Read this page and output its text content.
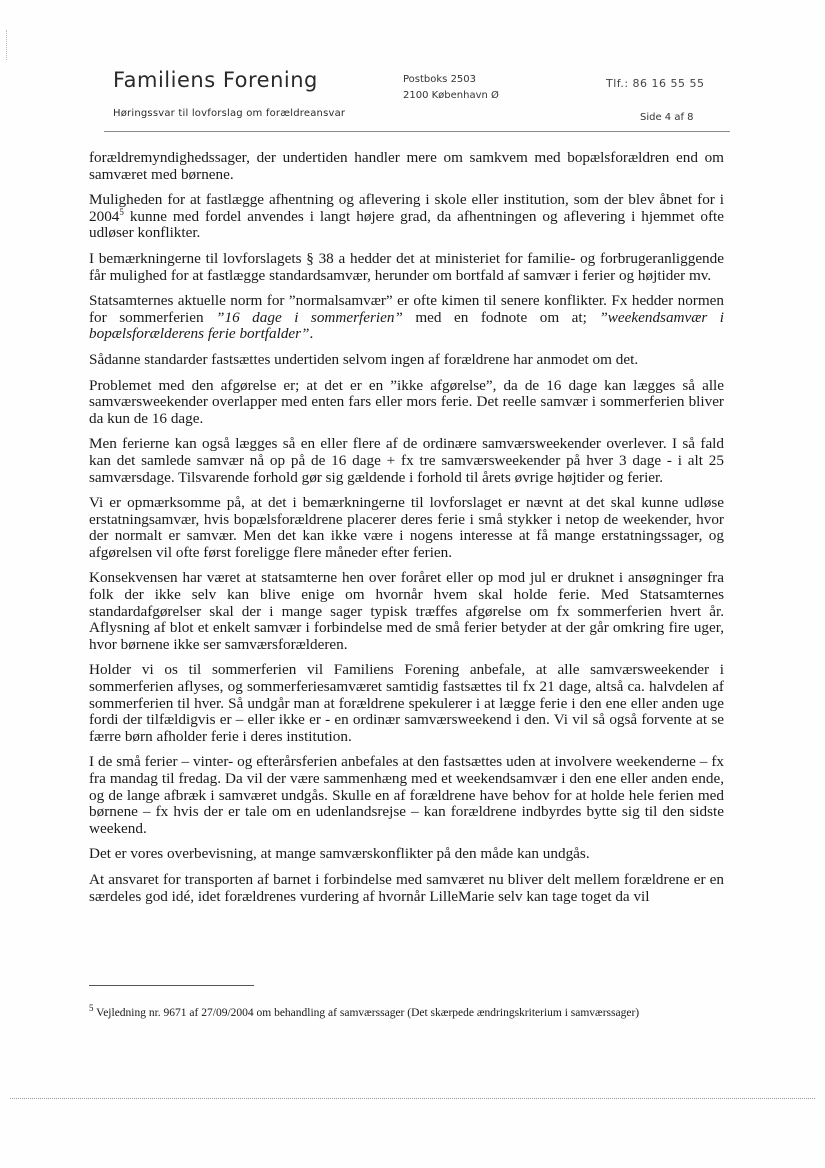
Familiens Forening
Høringssvar til lovforslag om forældreansvar
Postboks 2503
2100 København Ø
Tlf.: 86 16 55 55
Side 4 af 8

forældremyndighedssager, der undertiden handler mere om samkvem med bopælsforældren end om samværet med børnene.

Muligheden for at fastlægge afhentning og aflevering i skole eller institution, som der blev åbnet for i 2004$^5$ kunne med fordel anvendes i langt højere grad, da afhentningen og aflevering i hjemmet ofte udløser konflikter.

I bemærkningerne til lovforslagets § 38 a hedder det at ministeriet for familie- og forbrugeranliggende får mulighed for at fastlægge standardsamvær, herunder om bortfald af samvær i ferier og højtider mv.

Statsamternes aktuelle norm for ”normalsamvær” er ofte kimen til senere konflikter. Fx hedder normen for sommerferien ”16 dage i sommerferien” med en fodnote om at; ”weekendsamvær i bopælsforælderens ferie bortfalder”.

Sådanne standarder fastsættes undertiden selvom ingen af forældrene har anmodet om det.

Problemet med den afgørelse er; at det er en ”ikke afgørelse”, da de 16 dage kan lægges så alle samværsweekender overlapper med enten fars eller mors ferie. Det reelle samvær i sommerferien bliver da kun de 16 dage.

Men ferierne kan også lægges så en eller flere af de ordinære samværsweekender overlever. I så fald kan det samlede samvær nå op på de 16 dage + fx tre samværsweekender på hver 3 dage - i alt 25 samværsdage. Tilsvarende forhold gør sig gældende i forhold til årets øvrige højtider og ferier.

Vi er opmærksomme på, at det i bemærkningerne til lovforslaget er nævnt at det skal kunne udløse erstatningsamvær, hvis bopælsforældrene placerer deres ferie i små stykker i netop de weekender, hvor der normalt er samvær. Men det kan ikke være i nogens interesse at få mange erstatningssager, og afgørelsen vil ofte først foreligge flere måneder efter ferien.

Konsekvensen har været at statsamterne hen over foråret eller op mod jul er druknet i ansøgninger fra folk der ikke selv kan blive enige om hvornår hvem skal holde ferie. Med Statsamternes standardafgørelser skal der i mange sager typisk træffes afgørelse om fx sommerferien hvert år. Aflysning af blot et enkelt samvær i forbindelse med de små ferier betyder at der går omkring fire uger, hvor børnene ikke ser samværsforælderen.

Holder vi os til sommerferien vil Familiens Forening anbefale, at alle samværsweekender i sommerferien aflyses, og sommerferiesamværet samtidig fastsættes til fx 21 dage, altså ca. halvdelen af sommerferien til hver. Så undgår man at forældrene spekulerer i at lægge ferie i den ene eller anden uge fordi der tilfældigvis er – eller ikke er - en ordinær samværsweekend i den. Vi vil så også forvente at se færre børn afholder ferie i deres institution.

I de små ferier – vinter- og efterårsferien anbefales at den fastsættes uden at involvere weekenderne – fx fra mandag til fredag. Da vil der være sammenhæng med et weekendsamvær i den ene eller anden ende, og de lange afbræk i samværet undgås. Skulle en af forældrene have behov for at holde hele ferien med børnene – fx hvis der er tale om en udenlandsrejse – kan forældrene indbyrdes bytte sig til den sidste weekend.

Det er vores overbevisning, at mange samværskonflikter på den måde kan undgås.

At ansvaret for transporten af barnet i forbindelse med samværet nu bliver delt mellem forældrene er en særdeles god idé, idet forældrenes vurdering af hvornår LilleMarie selv kan tage toget da vil

$^5$ Vejledning nr. 9671 af 27/09/2004 om behandling af samværssager (Det skærpede ændringskriterium i samværssager)
